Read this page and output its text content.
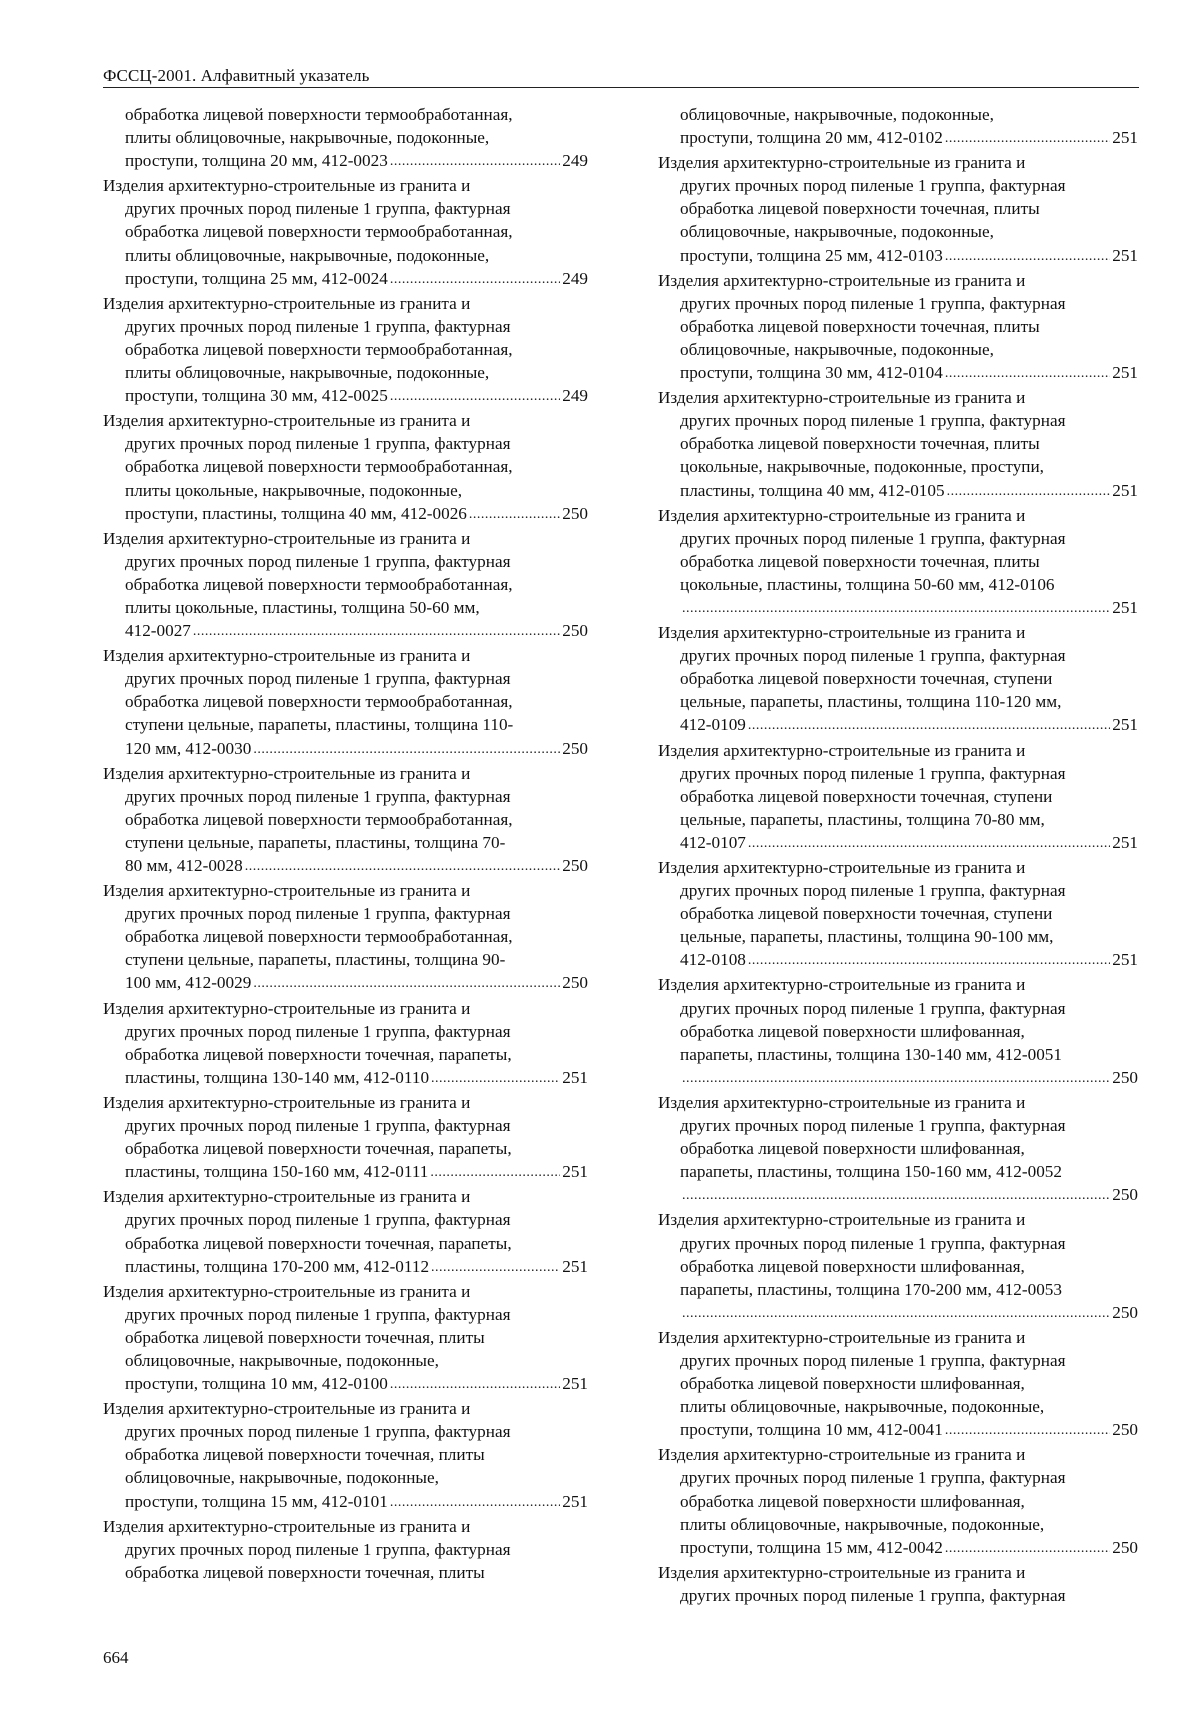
ФССЦ-2001. Алфавитный указатель
обработка лицевой поверхности термообработанная,
плиты облицовочные, накрывочные, подоконные,
проступи, толщина 20 мм, 412-0023 .....	249
Изделия архитектурно-строительные из гранита и
других прочных пород пиленые 1 группа, фактурная
обработка лицевой поверхности термообработанная,
плиты облицовочные, накрывочные, подоконные,
проступи, толщина 25 мм, 412-0024 .....	249
Изделия архитектурно-строительные из гранита и
других прочных пород пиленые 1 группа, фактурная
обработка лицевой поверхности термообработанная,
плиты облицовочные, накрывочные, подоконные,
проступи, толщина 30 мм, 412-0025 .....	249
Изделия архитектурно-строительные из гранита и
других прочных пород пиленые 1 группа, фактурная
обработка лицевой поверхности термообработанная,
плиты цокольные, накрывочные, подоконные,
проступи, пластины, толщина 40 мм, 412-0026 .....	250
Изделия архитектурно-строительные из гранита и
других прочных пород пиленые 1 группа, фактурная
обработка лицевой поверхности термообработанная,
плиты цокольные, пластины, толщина 50-60 мм,
412-0027 .....	250
Изделия архитектурно-строительные из гранита и
других прочных пород пиленые 1 группа, фактурная
обработка лицевой поверхности термообработанная,
ступени цельные, парапеты, пластины, толщина 110-
120 мм, 412-0030 .....	250
Изделия архитектурно-строительные из гранита и
других прочных пород пиленые 1 группа, фактурная
обработка лицевой поверхности термообработанная,
ступени цельные, парапеты, пластины, толщина 70-
80 мм, 412-0028 .....	250
Изделия архитектурно-строительные из гранита и
других прочных пород пиленые 1 группа, фактурная
обработка лицевой поверхности термообработанная,
ступени цельные, парапеты, пластины, толщина 90-
100 мм, 412-0029 .....	250
Изделия архитектурно-строительные из гранита и
других прочных пород пиленые 1 группа, фактурная
обработка лицевой поверхности точечная, парапеты,
пластины, толщина 130-140 мм, 412-0110 .....	251
Изделия архитектурно-строительные из гранита и
других прочных пород пиленые 1 группа, фактурная
обработка лицевой поверхности точечная, парапеты,
пластины, толщина 150-160 мм, 412-0111 .....	251
Изделия архитектурно-строительные из гранита и
других прочных пород пиленые 1 группа, фактурная
обработка лицевой поверхности точечная, парапеты,
пластины, толщина 170-200 мм, 412-0112 .....	251
Изделия архитектурно-строительные из гранита и
других прочных пород пиленые 1 группа, фактурная
обработка лицевой поверхности точечная, плиты
облицовочные, накрывочные, подоконные,
проступи, толщина 10 мм, 412-0100 .....	251
Изделия архитектурно-строительные из гранита и
других прочных пород пиленые 1 группа, фактурная
обработка лицевой поверхности точечная, плиты
облицовочные, накрывочные, подоконные,
проступи, толщина 15 мм, 412-0101 .....	251
Изделия архитектурно-строительные из гранита и
других прочных пород пиленые 1 группа, фактурная
обработка лицевой поверхности точечная, плиты
облицовочные, накрывочные, подоконные,
проступи, толщина 20 мм, 412-0102 .....	251
Изделия архитектурно-строительные из гранита и
других прочных пород пиленые 1 группа, фактурная
обработка лицевой поверхности точечная, плиты
облицовочные, накрывочные, подоконные,
проступи, толщина 25 мм, 412-0103 .....	251
Изделия архитектурно-строительные из гранита и
других прочных пород пиленые 1 группа, фактурная
обработка лицевой поверхности точечная, плиты
облицовочные, накрывочные, подоконные,
проступи, толщина 30 мм, 412-0104 .....	251
Изделия архитектурно-строительные из гранита и
других прочных пород пиленые 1 группа, фактурная
обработка лицевой поверхности точечная, плиты
цокольные, накрывочные, подоконные, проступи,
пластины, толщина 40 мм, 412-0105 .....	251
Изделия архитектурно-строительные из гранита и
других прочных пород пиленые 1 группа, фактурная
обработка лицевой поверхности точечная, плиты
цокольные, пластины, толщина 50-60 мм, 412-0106
.....
251
Изделия архитектурно-строительные из гранита и
других прочных пород пиленые 1 группа, фактурная
обработка лицевой поверхности точечная, ступени
цельные, парапеты, пластины, толщина 110-120 мм,
412-0109 .....	251
Изделия архитектурно-строительные из гранита и
других прочных пород пиленые 1 группа, фактурная
обработка лицевой поверхности точечная, ступени
цельные, парапеты, пластины, толщина 70-80 мм,
412-0107 .....	251
Изделия архитектурно-строительные из гранита и
других прочных пород пиленые 1 группа, фактурная
обработка лицевой поверхности точечная, ступени
цельные, парапеты, пластины, толщина 90-100 мм,
412-0108 .....	251
Изделия архитектурно-строительные из гранита и
других прочных пород пиленые 1 группа, фактурная
обработка лицевой поверхности шлифованная,
парапеты, пластины, толщина 130-140 мм, 412-0051
.....
250
Изделия архитектурно-строительные из гранита и
других прочных пород пиленые 1 группа, фактурная
обработка лицевой поверхности шлифованная,
парапеты, пластины, толщина 150-160 мм, 412-0052
.....
250
Изделия архитектурно-строительные из гранита и
других прочных пород пиленые 1 группа, фактурная
обработка лицевой поверхности шлифованная,
парапеты, пластины, толщина 170-200 мм, 412-0053
.....
250
Изделия архитектурно-строительные из гранита и
других прочных пород пиленые 1 группа, фактурная
обработка лицевой поверхности шлифованная,
плиты облицовочные, накрывочные, подоконные,
проступи, толщина 10 мм, 412-0041 .....	250
Изделия архитектурно-строительные из гранита и
других прочных пород пиленые 1 группа, фактурная
обработка лицевой поверхности шлифованная,
плиты облицовочные, накрывочные, подоконные,
проступи, толщина 15 мм, 412-0042 .....	250
Изделия архитектурно-строительные из гранита и
других прочных пород пиленые 1 группа, фактурная
664
